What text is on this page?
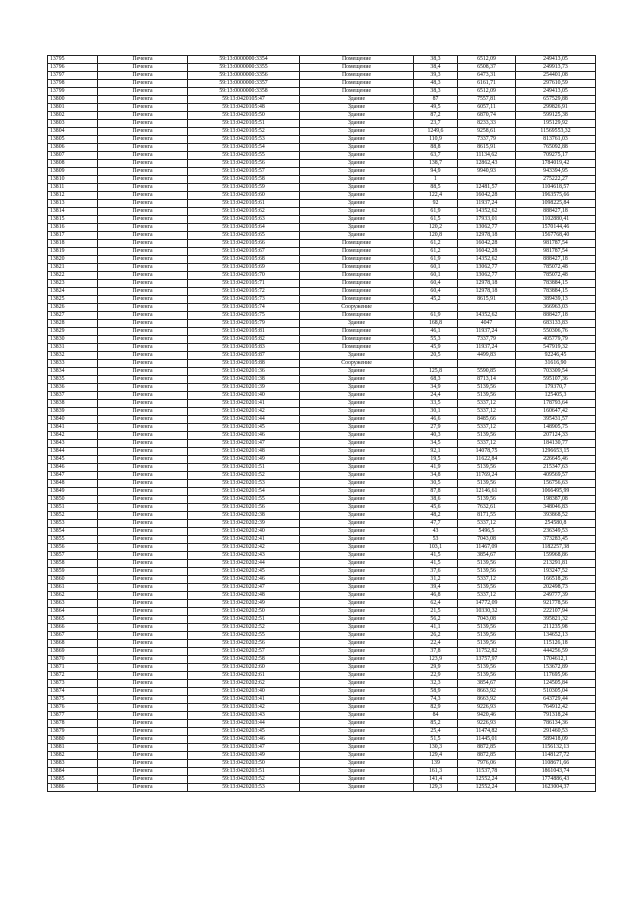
13795	Печенга	59:13:0000000:3354	Помещение	38,3	6512,09	249413,05
13796	Печенга	59:13:0000000:3355	Помещение	38,4	6508,37	249913,73
13797	Печенга	59:13:0000000:3356	Помещение	39,3	6473,31	254401,08
13798	Печенга	59:13:0000000:3357	Помещение	48,3	6161,71	297610,59
13799	Печенга	59:13:0000000:3358	Помещение	38,3	6512,09	249413,05
13800	Печенга	59:13:0420105:47	Здание	87	7557,81	657529,88
13801	Печенга	59:13:0420105:48	Здание	49,5	6057,11	299826,91
13802	Печенга	59:13:0420105:50	Здание	87,2	6870,74	599125,38
13803	Печенга	59:13:0420105:51	Здание	23,7	8233,33	195129,92
13804	Печенга	59:13:0420105:52	Здание	1249,6	9258,61	11569553,32
13805	Печенга	59:13:0420105:53	Здание	110,9	7337,79	813761,03
13806	Печенга	59:13:0420105:54	Здание	88,8	8615,91	765092,88
13807	Печенга	59:13:0420105:55	Здание	63,7	11134,62	709275,17
13808	Печенга	59:13:0420105:56	Здание	138,7	12862,43	1784019,42
13809	Печенга	59:13:0420105:57	Здание	94,9	9940,93	943394,95
13810	Печенга	59:13:0420105:58	Здание	1		275222,27
13811	Печенга	59:13:0420105:59	Здание	88,5	12481,57	1104618,57
13812	Печенга	59:13:0420105:60	Здание	122,4	16042,28	1963575,66
13813	Печенга	59:13:0420105:61	Здание	92	11937,24	1098225,84
13814	Печенга	59:13:0420105:62	Здание	61,9	14352,62	888427,18
13815	Печенга	59:13:0420105:63	Здание	61,5	17933,01	1102880,41
13816	Печенга	59:13:0420105:64	Здание	120,2	13062,77	1570144,46
13817	Печенга	59:13:0420105:65	Здание	120,8	12978,18	1567768,40
13818	Печенга	59:13:0420105:66	Помещение	61,2	16042,28	981787,54
13819	Печенга	59:13:0420105:67	Помещение	61,2	16042,28	981787,54
13820	Печенга	59:13:0420105:68	Помещение	61,9	14352,62	888427,18
13821	Печенга	59:13:0420105:69	Помещение	60,1	13062,77	785072,48
13822	Печенга	59:13:0420105:70	Помещение	60,1	13062,77	785072,48
13823	Печенга	59:13:0420105:71	Помещение	60,4	12978,18	783884,15
13824	Печенга	59:13:0420105:72	Помещение	60,4	12978,18	783884,15
13825	Печенга	59:13:0420105:73	Помещение	45,2	8615,91	389439,13
13826	Печенга	59:13:0420105:74	Сооружение			366963,03
13827	Печенга	59:13:0420105:75	Помещение	61,9	14352,62	888427,18
13828	Печенга	59:13:0420105:79	Здание	168,8	4047	683133,83
13829	Печенга	59:13:0420105:81	Помещение	46,1	11937,24	550306,76
13830	Печенга	59:13:0420105:82	Помещение	55,3	7337,79	405779,79
13831	Печенга	59:13:0420105:83	Помещение	45,9	11937,24	547919,32
13832	Печенга	59:13:0420105:87	Здание	20,5	4499,83	92246,45
13833	Печенга	59:13:0420105:88	Сооружение			31616,90
13834	Печенга	59:13:0420201:36	Здание	125,8	5590,85	703309,54
13835	Печенга	59:13:0420201:38	Здание	68,3	8713,14	595107,36
13836	Печенга	59:13:0420201:39	Здание	34,9	5139,56	179370,7
13837	Печенга	59:13:0420201:40	Здание	24,4	5139,56	125405,3
13838	Печенга	59:13:0420201:41	Здание	33,5	5337,12	178793,64
13839	Печенга	59:13:0420201:42	Здание	30,1	5337,12	160647,42
13840	Печенга	59:13:0420201:44	Здание	46,6	8485,66	395431,57
13841	Печенга	59:13:0420201:45	Здание	27,9	5337,12	148905,75
13842	Печенга	59:13:0420201:46	Здание	40,3	5139,56	207124,33
13843	Печенга	59:13:0420201:47	Здание	34,5	5337,12	184130,77
13844	Печенга	59:13:0420201:48	Здание	92,1	14078,75	1296653,15
13845	Печенга	59:13:0420201:49	Здание	19,5	11622,84	226645,46
13846	Печенга	59:13:0420201:51	Здание	41,9	5139,56	215347,63
13847	Печенга	59:13:0420201:52	Здание	34,8	11769,24	409569,57
13848	Печенга	59:13:0420201:53	Здание	30,5	5139,56	156756,63
13849	Печенга	59:13:0420201:54	Здание	87,8	12146,61	1066495,99
13850	Печенга	59:13:0420201:55	Здание	38,6	5139,56	198387,08
13851	Печенга	59:13:0420201:56	Здание	45,6	7632,61	348046,83
13852	Печенга	59:13:0420202:38	Здание	48,2	8171,55	393868,52
13853	Печенга	59:13:0420202:39	Здание	47,7	5337,12	254580,8
13854	Печенга	59:13:0420202:40	Здание	43	5496,5	236349,53
13855	Печенга	59:13:0420202:41	Здание	53	7043,08	373283,45
13856	Печенга	59:13:0420202:42	Здание	103,1	11467,09	1182257,38
13857	Печенга	59:13:0420202:43	Здание	41,5	3854,67	159968,86
13858	Печенга	59:13:0420202:44	Здание	41,5	5139,56	213291,81
13859	Печенга	59:13:0420202:45	Здание	37,6	5139,56	193247,52
13860	Печенга	59:13:0420202:46	Здание	31,2	5337,12	166518,26
13861	Печенга	59:13:0420202:47	Здание	39,4	5139,56	202498,73
13862	Печенга	59:13:0420202:48	Здание	46,8	5337,12	249777,39
13863	Печенга	59:13:0420202:49	Здание	62,4	14772,09	921778,56
13864	Печенга	59:13:0420202:50	Здание	21,5	10330,32	222107,94
13865	Печенга	59:13:0420202:51	Здание	56,2	7043,08	395821,32
13866	Печенга	59:13:0420202:52	Здание	41,1	5139,56	211235,98
13867	Печенга	59:13:0420202:55	Здание	26,2	5139,56	134652,13
13868	Печенга	59:13:0420202:56	Здание	22,4	5139,56	115126,18
13869	Печенга	59:13:0420202:57	Здание	37,8	11752,82	444256,59
13870	Печенга	59:13:0420202:58	Здание	123,9	13757,97	1704612,1
13871	Печенга	59:13:0420202:60	Здание	29,9	5139,56	153672,89
13872	Печенга	59:13:0420202:61	Здание	22,9	5139,56	117695,96
13873	Печенга	59:13:0420202:62	Здание	32,3	3854,67	124505,84
13874	Печенга	59:13:0420203:40	Здание	58,9	8663,92	510305,04
13875	Печенга	59:13:0420203:41	Здание	74,3	8663,92	643729,44
13876	Печенга	59:13:0420203:42	Здание	82,9	9226,93	764912,42
13877	Печенга	59:13:0420203:43	Здание	84	9420,46	791318,24
13878	Печенга	59:13:0420203:44	Здание	85,2	9226,93	786134,36
13879	Печенга	59:13:0420203:45	Здание	25,4	11474,82	291460,53
13880	Печенга	59:13:0420203:46	Здание	51,5	11445,01	589418,09
13881	Печенга	59:13:0420203:47	Здание	130,3	8872,85	1156132,13
13882	Печенга	59:13:0420203:49	Здание	129,4	8872,85	1148127,72
13883	Печенга	59:13:0420203:50	Здание	139	7976,06	1108671,66
13884	Печенга	59:13:0420203:51	Здание	161,3	11537,78	1861043,74
13885	Печенга	59:13:0420203:52	Здание	141,4	12552,24	1774886,43
13886	Печенга	59:13:0420203:53	Здание	129,3	12552,24	1623004,37
